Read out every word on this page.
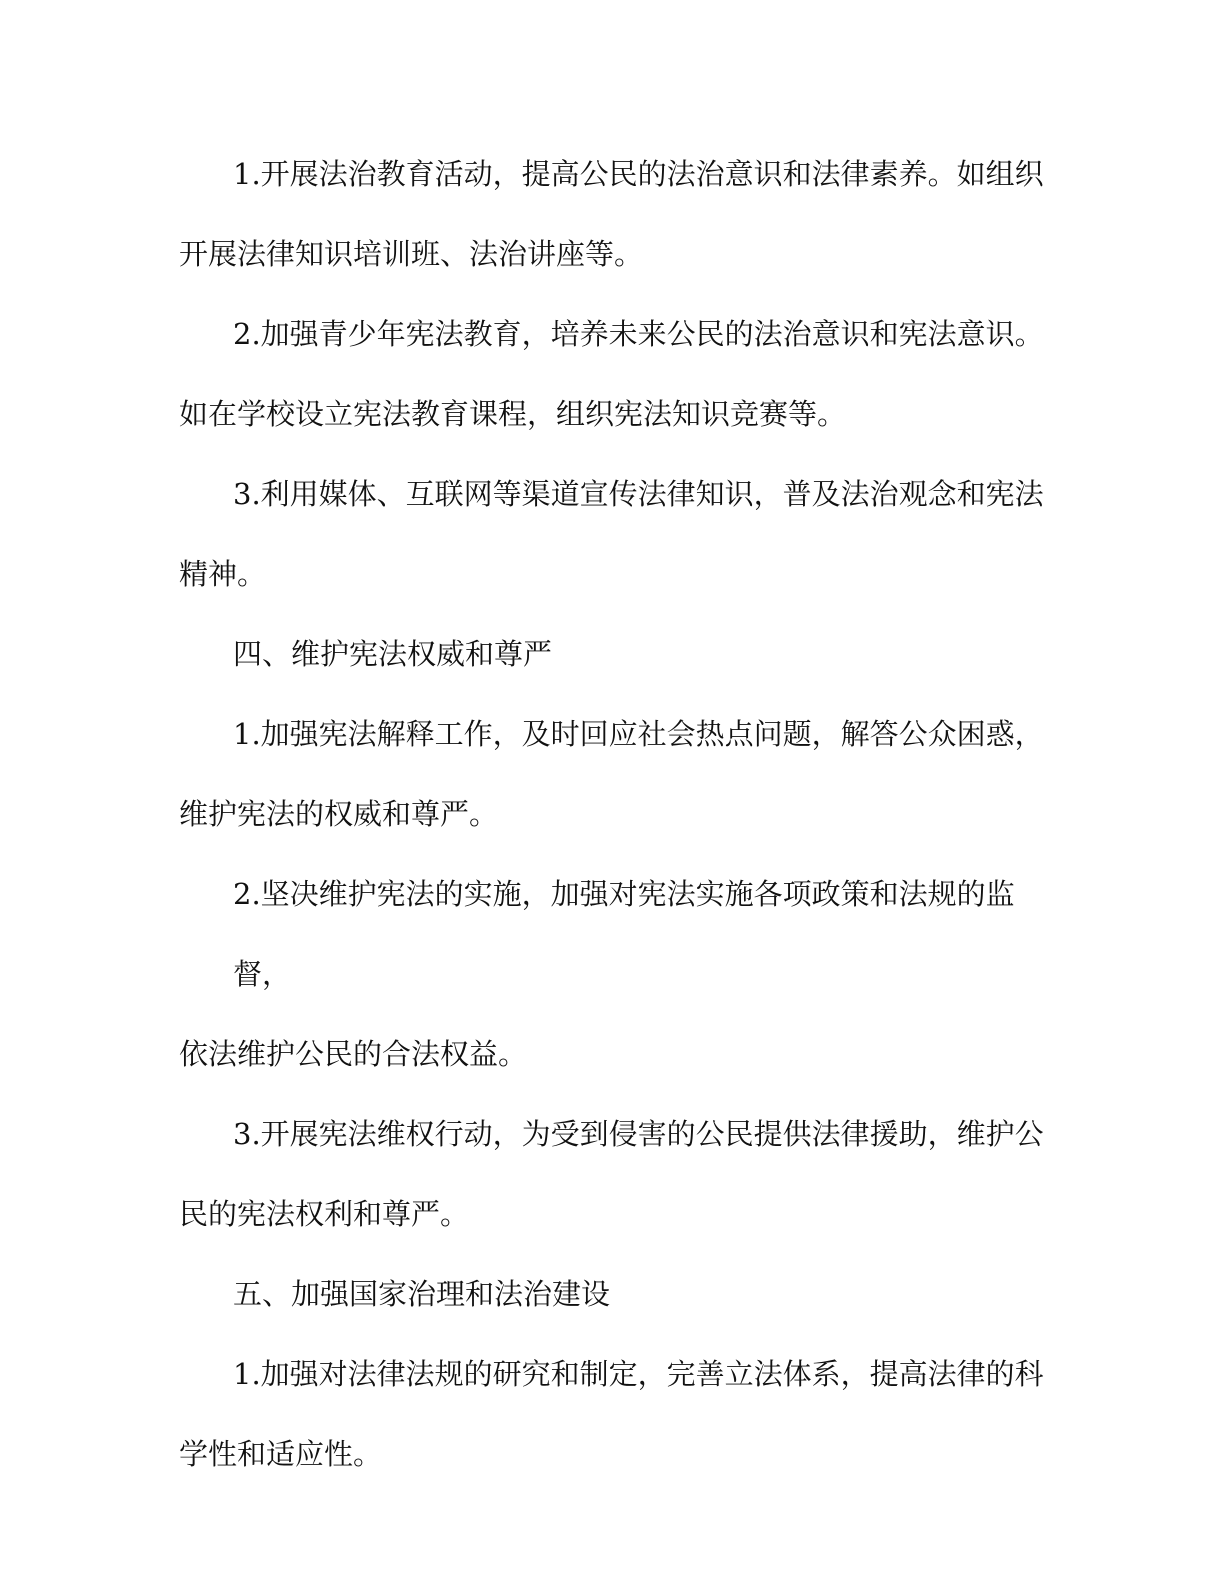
1.开展法治教育活动，提高公民的法治意识和法律素养。如组织

开展法律知识培训班、法治讲座等。

2.加强青少年宪法教育，培养未来公民的法治意识和宪法意识。

如在学校设立宪法教育课程，组织宪法知识竞赛等。

3.利用媒体、互联网等渠道宣传法律知识，普及法治观念和宪法

精神。

四、维护宪法权威和尊严

1.加强宪法解释工作，及时回应社会热点问题，解答公众困惑，

维护宪法的权威和尊严。

2.坚决维护宪法的实施，加强对宪法实施各项政策和法规的监督，

依法维护公民的合法权益。

3.开展宪法维权行动，为受到侵害的公民提供法律援助，维护公

民的宪法权利和尊严。

五、加强国家治理和法治建设

1.加强对法律法规的研究和制定，完善立法体系，提高法律的科

学性和适应性。
